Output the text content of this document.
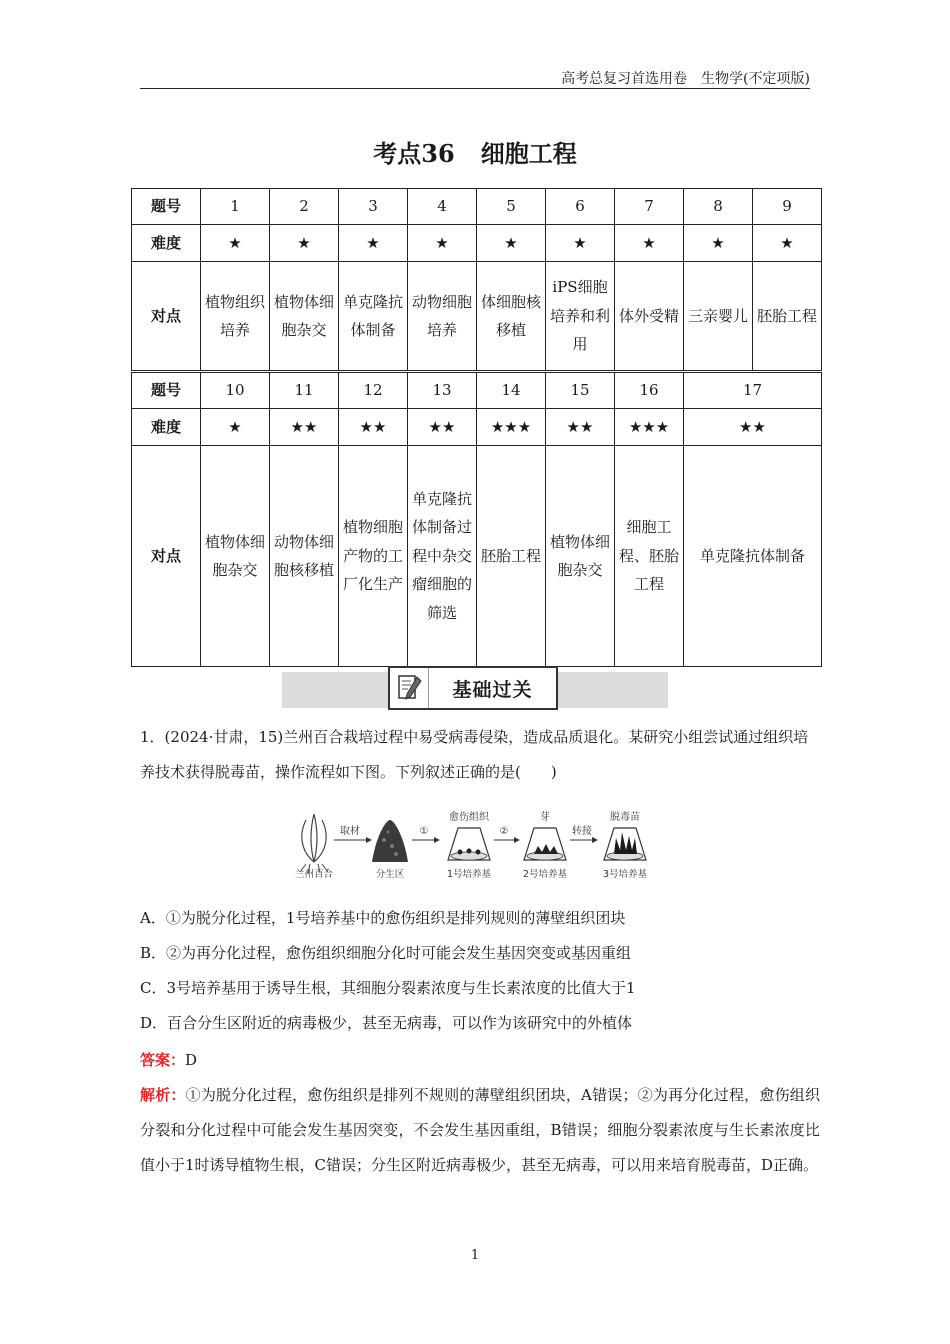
高考总复习首选用卷　生物学(不定项版)
考点36 细胞工程
题号	1	2	3	4	5	6	7	8	9
难度	★	★	★	★	★	★	★	★	★
对点	植物组织培养	植物体细胞杂交	单克隆抗体制备	动物细胞培养	体细胞核移植	iPS细胞培养和利用	体外受精	三亲婴儿	胚胎工程
题号	10	11	12	13	14	15	16	17	
难度	★	★★	★★	★★	★★★	★★	★★★	★★	
对点	植物体细胞杂交	动物体细胞核移植	植物细胞产物的工厂化生产	单克隆抗体制备过程中杂交瘤细胞的筛选	胚胎工程	植物体细胞杂交	细胞工程、胚胎工程	单克隆抗体制备	
基础过关
1．(2024·甘肃，15)兰州百合栽培过程中易受病毒侵染，造成品质退化。某研究小组尝试通过组织培养技术获得脱毒苗，操作流程如下图。下列叙述正确的是(　　)
兰州百合
取材
分生区
①
愈伤组织
1号培养基
②
芽
2号培养基
转接
脱毒苗
3号培养基
A．①为脱分化过程，1号培养基中的愈伤组织是排列规则的薄壁组织团块
B．②为再分化过程，愈伤组织细胞分化时可能会发生基因突变或基因重组
C．3号培养基用于诱导生根，其细胞分裂素浓度与生长素浓度的比值大于1
D．百合分生区附近的病毒极少，甚至无病毒，可以作为该研究中的外植体
答案：D
解析：①为脱分化过程，愈伤组织是排列不规则的薄壁组织团块，A错误；②为再分化过程，愈伤组织分裂和分化过程中可能会发生基因突变，不会发生基因重组，B错误；细胞分裂素浓度与生长素浓度比值小于1时诱导植物生根，C错误；分生区附近病毒极少，甚至无病毒，可以用来培育脱毒苗，D正确。
1
